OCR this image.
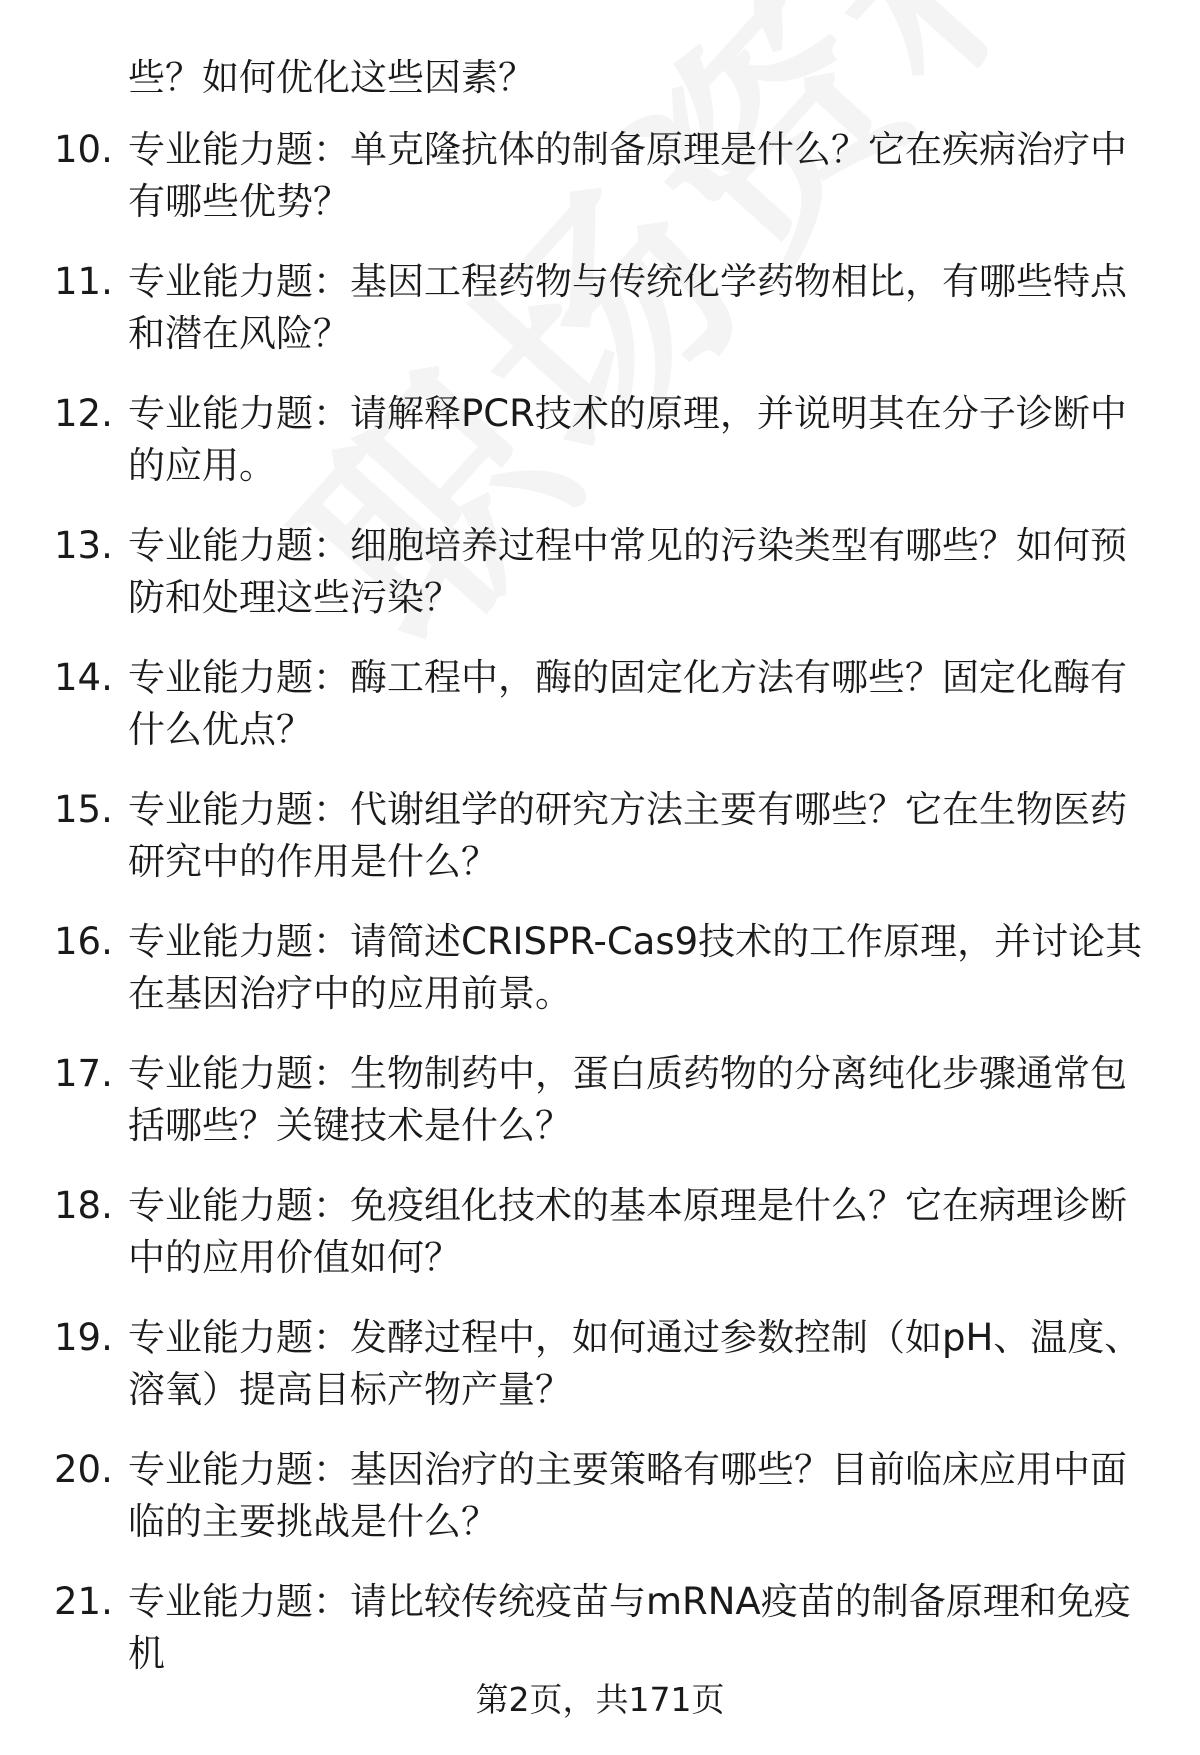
些？如何优化这些因素？
10. 专业能力题：单克隆抗体的制备原理是什么？它在疾病治疗中有哪些优势？
11. 专业能力题：基因工程药物与传统化学药物相比，有哪些特点和潜在风险？
12. 专业能力题：请解释PCR技术的原理，并说明其在分子诊断中的应用。
13. 专业能力题：细胞培养过程中常见的污染类型有哪些？如何预防和处理这些污染？
14. 专业能力题：酶工程中，酶的固定化方法有哪些？固定化酶有什么优点？
15. 专业能力题：代谢组学的研究方法主要有哪些？它在生物医药研究中的作用是什么？
16. 专业能力题：请简述CRISPR-Cas9技术的工作原理，并讨论其在基因治疗中的应用前景。
17. 专业能力题：生物制药中，蛋白质药物的分离纯化步骤通常包括哪些？关键技术是什么？
18. 专业能力题：免疫组化技术的基本原理是什么？它在病理诊断中的应用价值如何？
19. 专业能力题：发酵过程中，如何通过参数控制（如pH、温度、溶氧）提高目标产物产量？
20. 专业能力题：基因治疗的主要策略有哪些？目前临床应用中面临的主要挑战是什么？
21. 专业能力题：请比较传统疫苗与mRNA疫苗的制备原理和免疫机
第2页，共171页
